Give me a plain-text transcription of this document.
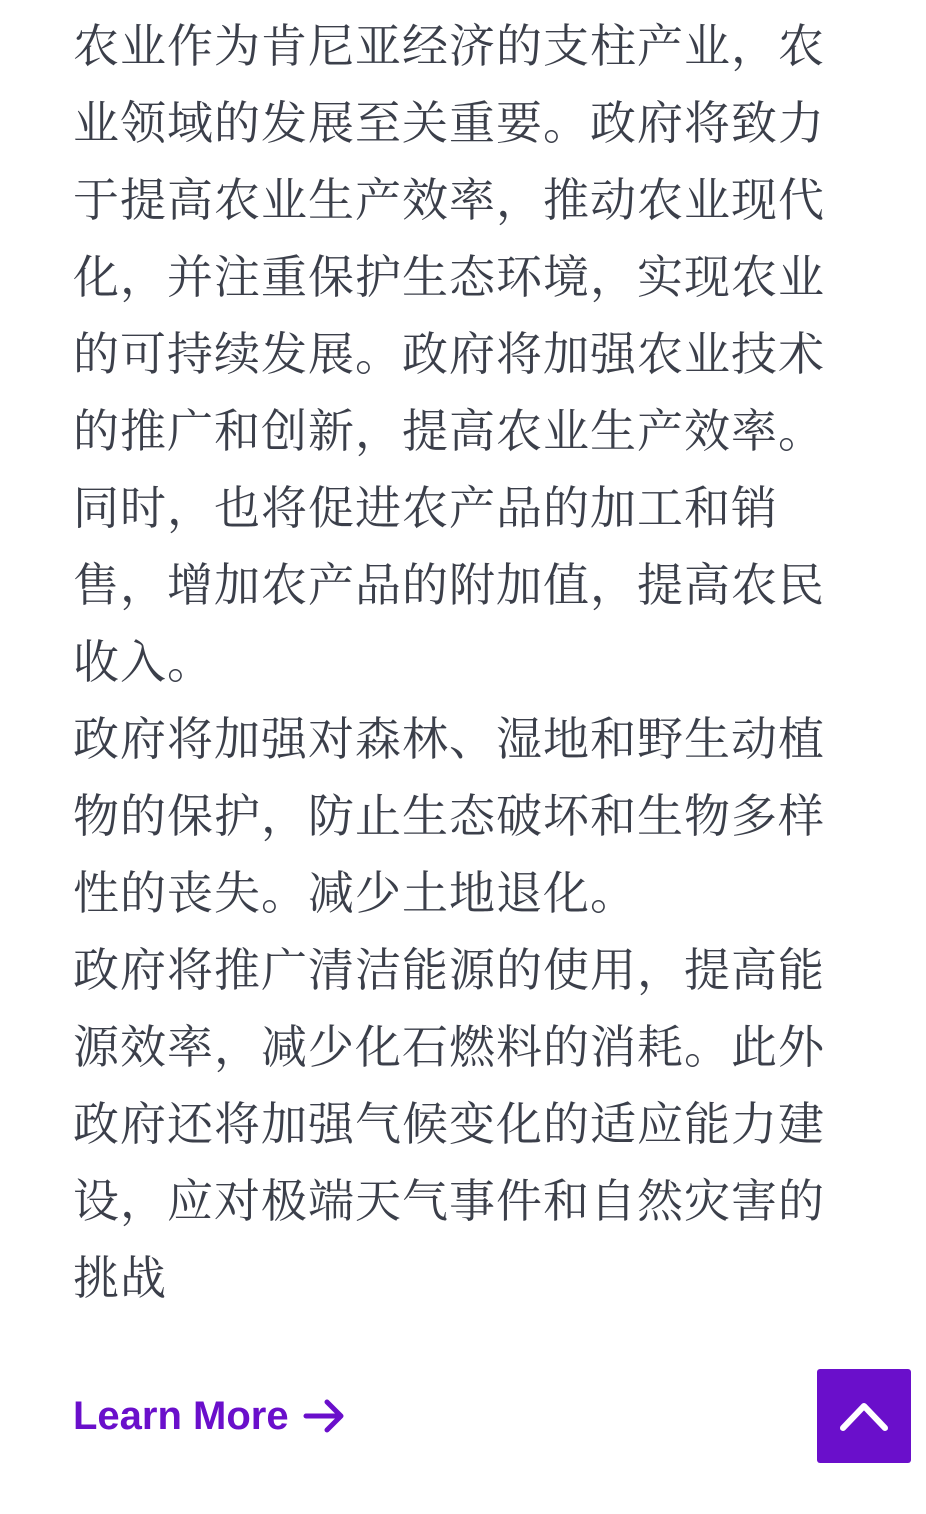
农业作为肯尼亚经济的支柱产业，农业领域的发展至关重要。政府将致力于提高农业生产效率，推动农业现代化，并注重保护生态环境，实现农业的可持续发展。政府将加强农业技术的推广和创新，提高农业生产效率。同时，也将促进农产品的加工和销售，增加农产品的附加值，提高农民收入。

政府将加强对森林、湿地和野生动植物的保护，防止生态破坏和生物多样性的丧失。减少土地退化。

政府将推广清洁能源的使用，提高能源效率，减少化石燃料的消耗。此外政府还将加强气候变化的适应能力建设，应对极端天气事件和自然灾害的挑战

Learn More
